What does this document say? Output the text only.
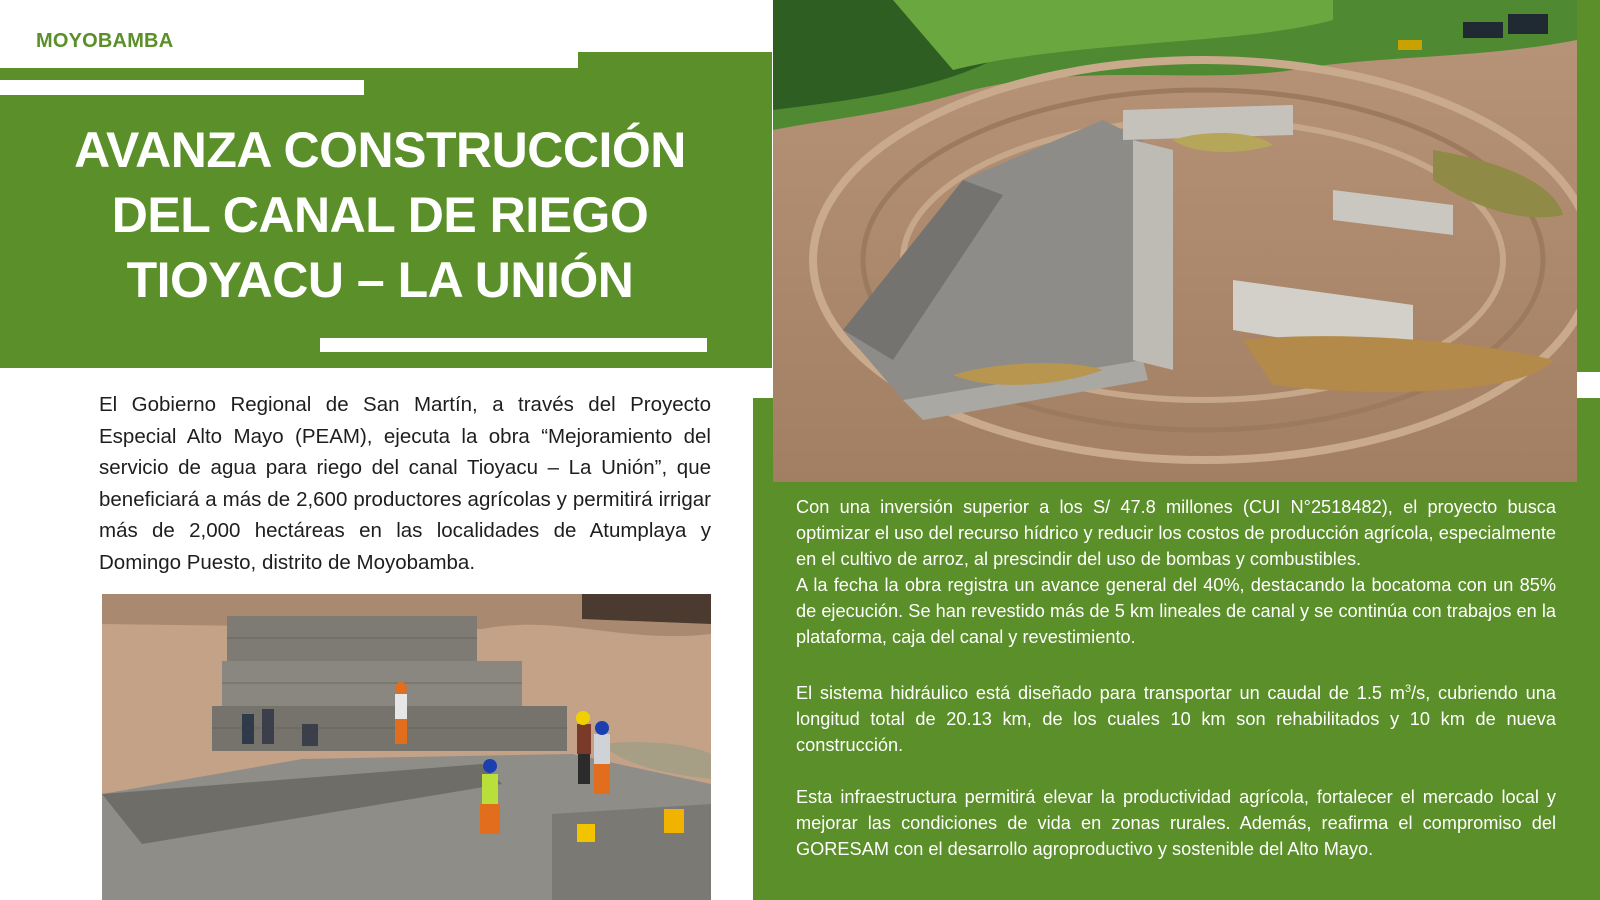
MOYOBAMBA
AVANZA CONSTRUCCIÓN
DEL CANAL DE RIEGO
TIOYACU – LA UNIÓN
El Gobierno Regional de San Martín, a través del Proyecto Especial Alto Mayo (PEAM), ejecuta la obra “Mejoramiento del servicio de agua para riego del canal Tioyacu – La Unión”, que beneficiará a más de 2,600 productores agrícolas y permitirá irrigar más de 2,000 hectáreas en las localidades de Atumplaya y Domingo Puesto, distrito de Moyobamba.

Con una inversión superior a los S/ 47.8 millones (CUI N°2518482), el proyecto busca optimizar el uso del recurso hídrico y reducir los costos de producción agrícola, especialmente en el cultivo de arroz, al prescindir del uso de bombas y combustibles.

A la fecha la obra registra un avance general del 40%, destacando la bocatoma con un 85% de ejecución. Se han revestido más de 5 km lineales de canal y se continúa con trabajos en la plataforma, caja del canal y revestimiento.

El sistema hidráulico está diseñado para transportar un caudal de 1.5 $m^3/s$, cubriendo una longitud total de 20.13 km, de los cuales 10 km son rehabilitados y 10 km de nueva construcción.

Esta infraestructura permitirá elevar la productividad agrícola, fortalecer el mercado local y mejorar las condiciones de vida en zonas rurales. Además, reafirma el compromiso del GORESAM con el desarrollo agroproductivo y sostenible del Alto Mayo.
